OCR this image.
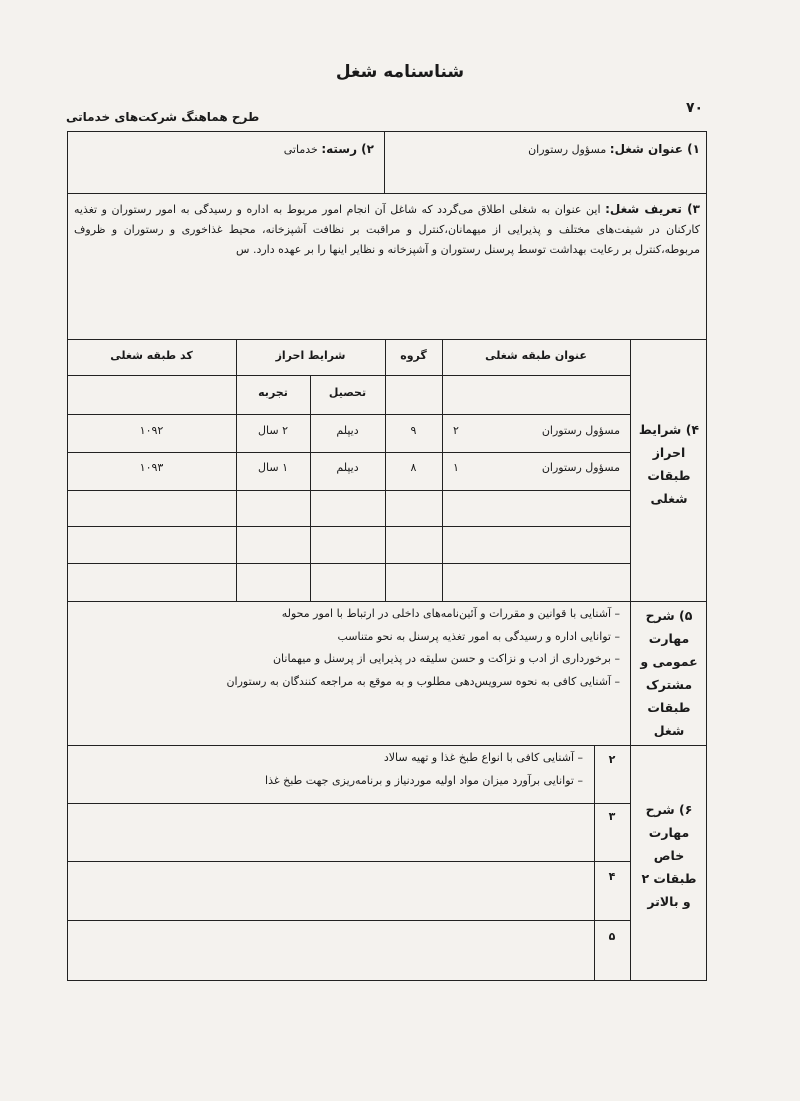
شناسنامه شغل
۷۰
طرح هماهنگ شرکت‌های خدماتی
۱) عنوان شغل: مسؤول رستوران
۲) رسته: خدماتی
۳) تعریف شغل: این عنوان به شغلی اطلاق می‌گردد که شاغل آن انجام امور مربوط به اداره و رسیدگی به امور رستوران و تغذیه کارکنان در شیفت‌های مختلف و پذیرایی از میهمانان،کنترل و مراقبت بر نظافت آشپزخانه، محیط غذاخوری و رستوران و ظروف مربوطه،کنترل بر رعایت بهداشت توسط پرسنل رستوران و آشپزخانه و نظایر اینها را بر عهده دارد. س
۴) شرایط احراز طبقات شغلی
عنوان طبقه شغلی
گروه
شرایط احراز
تحصیل
تجربه
کد طبقه شغلی
مسؤول رستوران
۲
۹
دیپلم
۲ سال
۱۰۹۲
مسؤول رستوران
۱
۸
دیپلم
۱ سال
۱۰۹۳
۵) شرح مهارت عمومی و مشترک طبقات شغل
– آشنایی با قوانین و مقررات و آئین‌نامه‌های داخلی در ارتباط با امور محوله
– توانایی اداره و رسیدگی به امور تغذیه پرسنل به نحو متناسب
– برخورداری از ادب و نزاکت و حسن سلیقه در پذیرایی از پرسنل و میهمانان
– آشنایی کافی به نحوه سرویس‌دهی مطلوب و به موقع به مراجعه کنندگان به رستوران
۶) شرح مهارت خاص طبقات ۲ و بالاتر
۲
۳
۴
۵
– آشنایی کافی با انواع طبخ غذا و تهیه سالاد
– توانایی برآورد میزان مواد اولیه موردنیاز و برنامه‌ریزی جهت طبخ غذا
